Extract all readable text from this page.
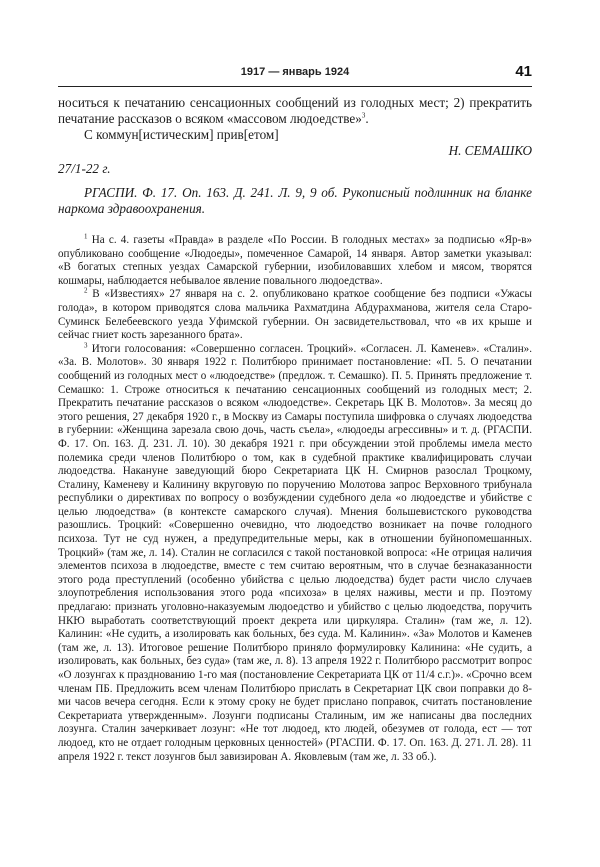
1917 — январь 1924	41

носиться к печатанию сенсационных сообщений из голодных мест; 2) прекратить печатание рассказов о всяком «массовом людоедстве»$^3$.

С коммун[истическим] прив[етом]

Н. СЕМАШКО

27/1-22 г.

РГАСПИ. Ф. 17. Оп. 163. Д. 241. Л. 9, 9 об. Рукописный подлинник на бланке наркома здравоохранения.

$^1$ На с. 4. газеты «Правда» в разделе «По России. В голодных местах» за подписью «Яр-в» опубликовано сообщение «Людоеды», помеченное Самарой, 14 января. Автор заметки указывал: «В богатых степных уездах Самарской губернии, изобиловавших хлебом и мясом, творятся кошмары, наблюдается небывалое явление повального людоедства».

$^2$ В «Известиях» 27 января на с. 2. опубликовано краткое сообщение без подписи «Ужасы голода», в котором приводятся слова мальчика Рахматдина Абдурахманова, жителя села Старо-Суминск Белебеевского уезда Уфимской губернии. Он засвидетельствовал, что «в их крыше и сейчас гниет кость зарезанного брата».

$^3$ Итоги голосования: «Совершенно согласен. Троцкий». «Согласен. Л. Каменев». «Сталин». «За. В. Молотов». 30 января 1922 г. Политбюро принимает постановление: «П. 5. О печатании сообщений из голодных мест о «людоедстве» (предлож. т. Семашко). П. 5. Принять предложение т. Семашко: 1. Строже относиться к печатанию сенсационных сообщений из голодных мест; 2. Прекратить печатание рассказов о всяком «людоедстве». Секретарь ЦК В. Молотов». За месяц до этого решения, 27 декабря 1920 г., в Москву из Самары поступила шифровка о случаях людоедства в губернии: «Женщина зарезала свою дочь, часть съела», «людоеды агрессивны» и т. д. (РГАСПИ. Ф. 17. Оп. 163. Д. 231. Л. 10). 30 декабря 1921 г. при обсуждении этой проблемы имела место полемика среди членов Политбюро о том, как в судебной практике квалифицировать случаи людоедства. Накануне заведующий бюро Секретариата ЦК Н. Смирнов разослал Троцкому, Сталину, Каменеву и Калинину вкруговую по поручению Молотова запрос Верховного трибунала республики о директивах по вопросу о возбуждении судебного дела «о людоедстве и убийстве с целью людоедства» (в контексте самарского случая). Мнения большевистского руководства разошлись. Троцкий: «Совершенно очевидно, что людоедство возникает на почве голодного психоза. Тут не суд нужен, а предупредительные меры, как в отношении буйнопомешанных. Троцкий» (там же, л. 14). Сталин не согласился с такой постановкой вопроса: «Не отрицая наличия элементов психоза в людоедстве, вместе с тем считаю вероятным, что в случае безнаказанности этого рода преступлений (особенно убийства с целью людоедства) будет расти число случаев злоупотребления использования этого рода «психоза» в целях наживы, мести и пр. Поэтому предлагаю: признать уголовно-наказуемым людоедство и убийство с целью людоедства, поручить НКЮ выработать соответствующий проект декрета или циркуляра. Сталин» (там же, л. 12). Калинин: «Не судить, а изолировать как больных, без суда. М. Калинин». «За» Молотов и Каменев (там же, л. 13). Итоговое решение Политбюро приняло формулировку Калинина: «Не судить, а изолировать, как больных, без суда» (там же, л. 8). 13 апреля 1922 г. Политбюро рассмотрит вопрос «О лозунгах к празднованию 1-го мая (постановление Секретариата ЦК от 11/4 с.г.)». «Срочно всем членам ПБ. Предложить всем членам Политбюро прислать в Секретариат ЦК свои поправки до 8-ми часов вечера сегодня. Если к этому сроку не будет прислано поправок, считать постановление Секретариата утвержденным». Лозунги подписаны Сталиным, им же написаны два последних лозунга. Сталин зачеркивает лозунг: «Не тот людоед, кто людей, обезумев от голода, ест — тот людоед, кто не отдает голодным церковных ценностей» (РГАСПИ. Ф. 17. Оп. 163. Д. 271. Л. 28). 11 апреля 1922 г. текст лозунгов был завизирован А. Яковлевым (там же, л. 33 об.).
